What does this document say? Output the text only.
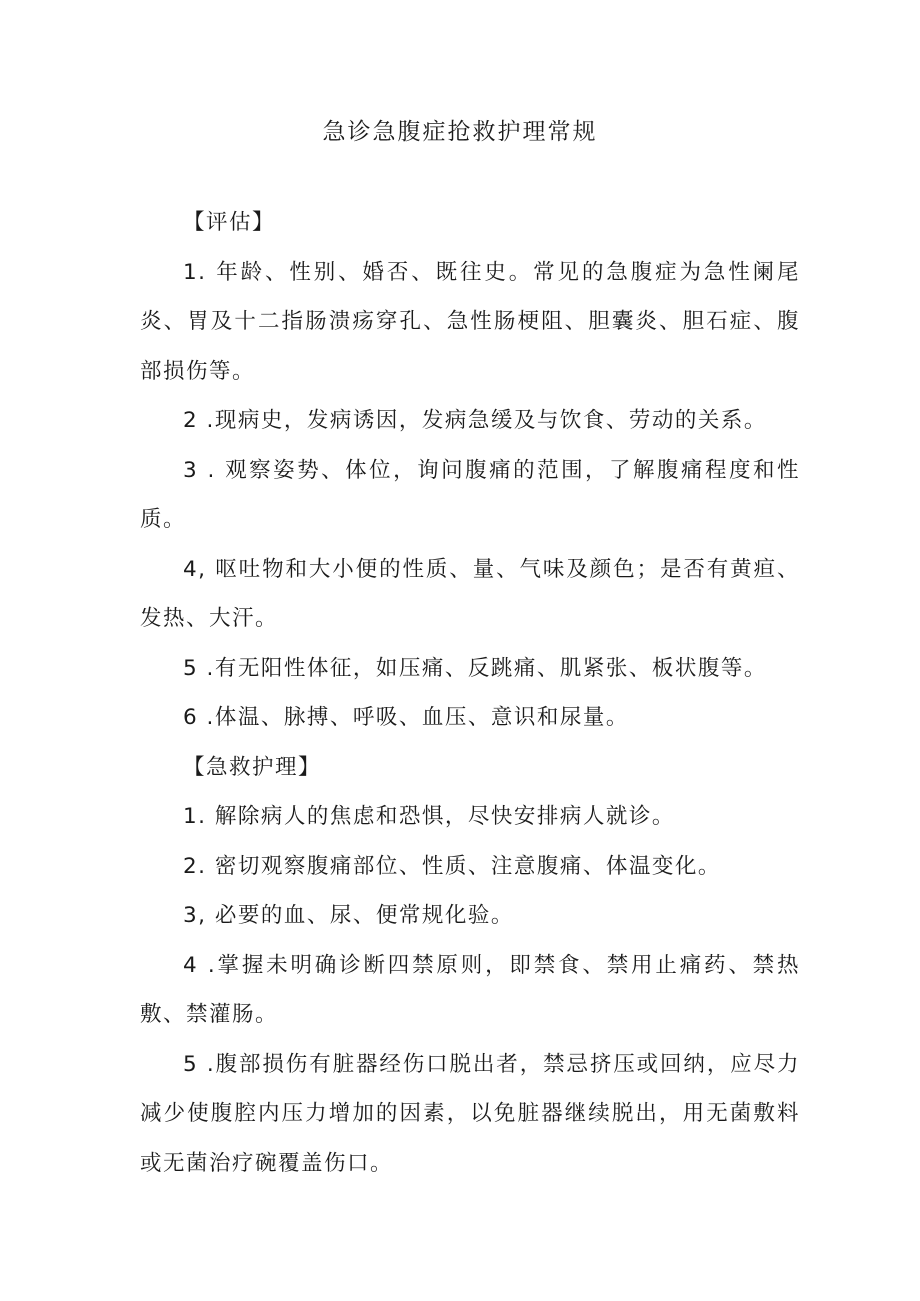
急诊急腹症抢救护理常规

【评估】

1. 年龄、性别、婚否、既往史。常见的急腹症为急性阑尾炎、胃及十二指肠溃疡穿孔、急性肠梗阻、胆囊炎、胆石症、腹部损伤等。

2 .现病史，发病诱因，发病急缓及与饮食、劳动的关系。

3 . 观察姿势、体位，询问腹痛的范围，了解腹痛程度和性质。

4, 呕吐物和大小便的性质、量、气味及颜色；是否有黄疸、发热、大汗。

5 .有无阳性体征，如压痛、反跳痛、肌紧张、板状腹等。

6 .体温、脉搏、呼吸、血压、意识和尿量。

【急救护理】

1. 解除病人的焦虑和恐惧，尽快安排病人就诊。

2. 密切观察腹痛部位、性质、注意腹痛、体温变化。

3, 必要的血、尿、便常规化验。

4 .掌握未明确诊断四禁原则，即禁食、禁用止痛药、禁热敷、禁灌肠。

5 .腹部损伤有脏器经伤口脱出者，禁忌挤压或回纳，应尽力减少使腹腔内压力增加的因素，以免脏器继续脱出，用无菌敷料或无菌治疗碗覆盖伤口。
